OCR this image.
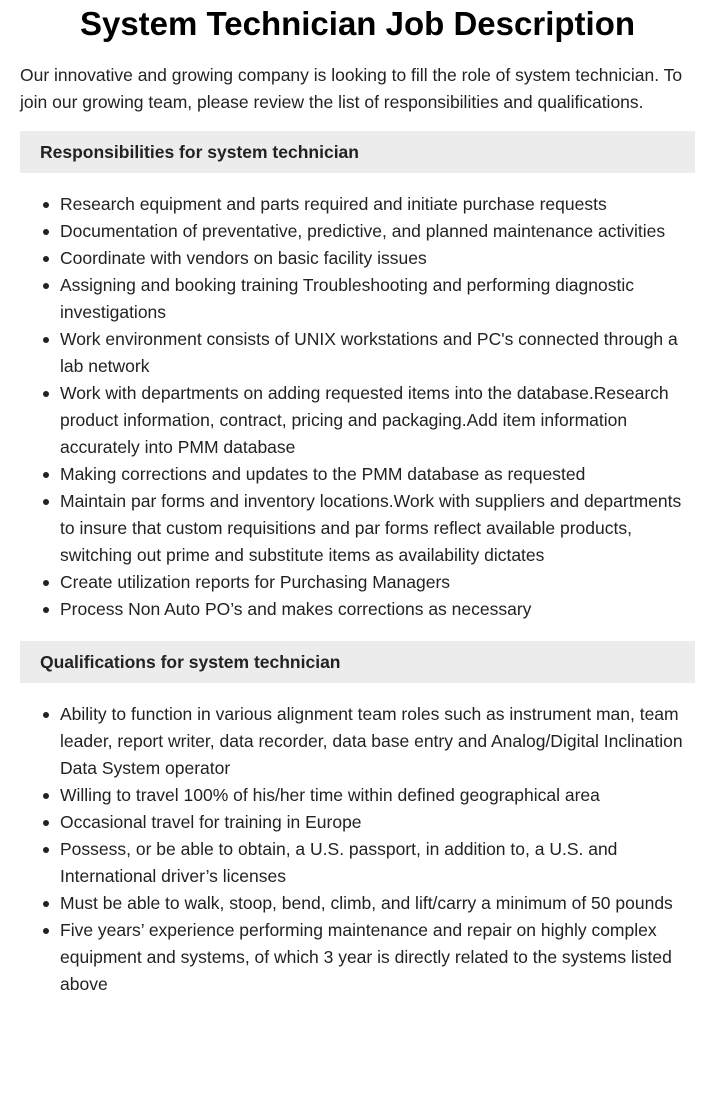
System Technician Job Description

Our innovative and growing company is looking to fill the role of system technician. To join our growing team, please review the list of responsibilities and qualifications.

Responsibilities for system technician
Research equipment and parts required and initiate purchase requests
Documentation of preventative, predictive, and planned maintenance activities
Coordinate with vendors on basic facility issues
Assigning and booking training Troubleshooting and performing diagnostic investigations
Work environment consists of UNIX workstations and PC's connected through a lab network
Work with departments on adding requested items into the database.Research product information, contract, pricing and packaging.Add item information accurately into PMM database
Making corrections and updates to the PMM database as requested
Maintain par forms and inventory locations.Work with suppliers and departments to insure that custom requisitions and par forms reflect available products, switching out prime and substitute items as availability dictates
Create utilization reports for Purchasing Managers
Process Non Auto PO’s and makes corrections as necessary
Qualifications for system technician
Ability to function in various alignment team roles such as instrument man, team leader, report writer, data recorder, data base entry and Analog/Digital Inclination Data System operator
Willing to travel 100% of his/her time within defined geographical area
Occasional travel for training in Europe
Possess, or be able to obtain, a U.S. passport, in addition to, a U.S. and International driver’s licenses
Must be able to walk, stoop, bend, climb, and lift/carry a minimum of 50 pounds
Five years’ experience performing maintenance and repair on highly complex equipment and systems, of which 3 year is directly related to the systems listed above
